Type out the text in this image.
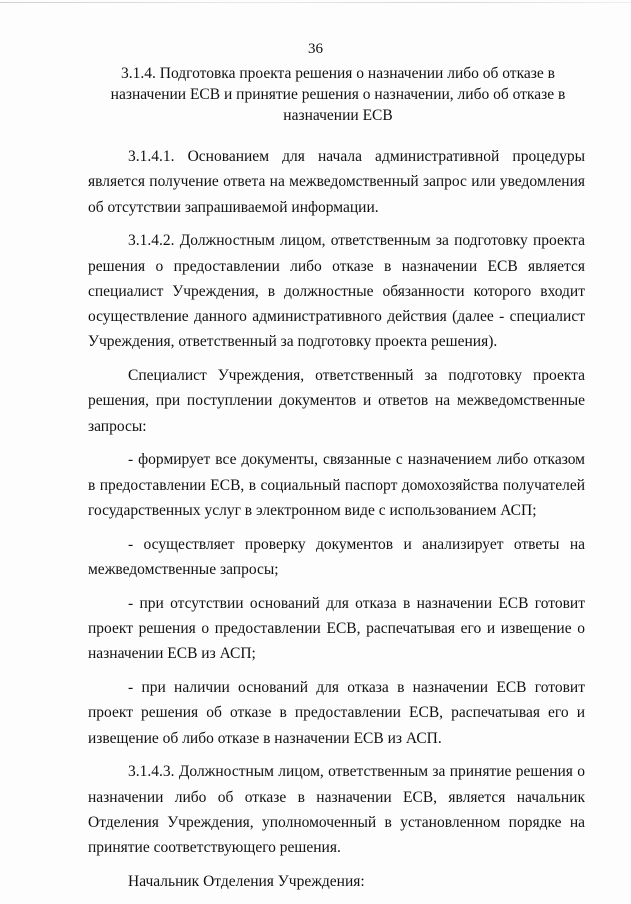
36
3.1.4. Подготовка проекта решения о назначении либо об отказе в назначении ЕСВ и принятие решения о назначении, либо об отказе в назначении ЕСВ

3.1.4.1. Основанием для начала административной процедуры является получение ответа на межведомственный запрос или уведомления об отсутствии запрашиваемой информации.

3.1.4.2. Должностным лицом, ответственным за подготовку проекта решения о предоставлении либо отказе в назначении ЕСВ является специалист Учреждения, в должностные обязанности которого входит осуществление данного административного действия (далее - специалист Учреждения, ответственный за подготовку проекта решения).

Специалист Учреждения, ответственный за подготовку проекта решения, при поступлении документов и ответов на межведомственные запросы:

- формирует все документы, связанные с назначением либо отказом в предоставлении ЕСВ, в социальный паспорт домохозяйства получателей государственных услуг в электронном виде с использованием АСП;

- осуществляет проверку документов и анализирует ответы на межведомственные запросы;

- при отсутствии оснований для отказа в назначении ЕСВ готовит проект решения о предоставлении ЕСВ, распечатывая его и извещение о назначении ЕСВ из АСП;

- при наличии оснований для отказа в назначении ЕСВ готовит проект решения об отказе в предоставлении ЕСВ, распечатывая его и извещение об либо отказе в назначении ЕСВ из АСП.

3.1.4.3. Должностным лицом, ответственным за принятие решения о назначении либо об отказе в назначении ЕСВ, является начальник Отделения Учреждения, уполномоченный в установленном порядке на принятие соответствующего решения.

Начальник Отделения Учреждения:
